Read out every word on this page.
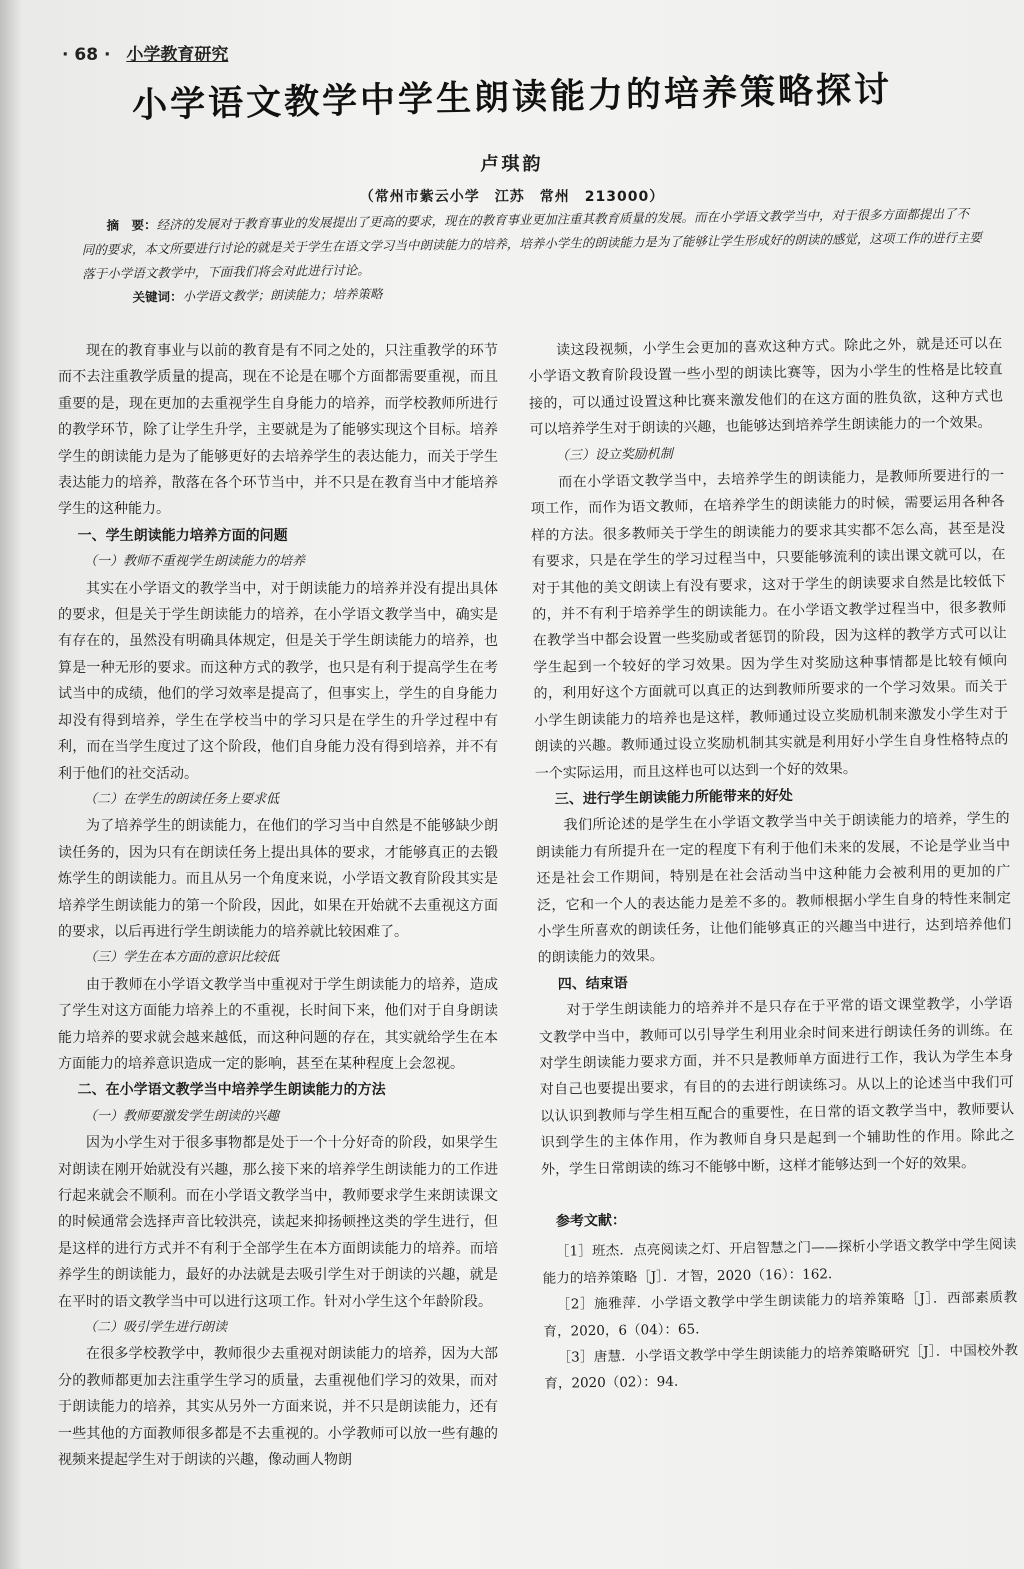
· 68 · 小学教育研究
小学语文教学中学生朗读能力的培养策略探讨
卢琪韵
（常州市紫云小学　江苏　常州　213000）

摘　要：经济的发展对于教育事业的发展提出了更高的要求，现在的教育事业更加注重其教育质量的发展。而在小学语文教学当中，对于很多方面都提出了不同的要求，本文所要进行讨论的就是关于学生在语文学习当中朗读能力的培养，培养小学生的朗读能力是为了能够让学生形成好的朗读的感觉，这项工作的进行主要落于小学语文教学中，下面我们将会对此进行讨论。

关键词：小学语文教学；朗读能力；培养策略

现在的教育事业与以前的教育是有不同之处的，只注重教学的环节而不去注重教学质量的提高，现在不论是在哪个方面都需要重视，而且重要的是，现在更加的去重视学生自身能力的培养，而学校教师所进行的教学环节，除了让学生升学，主要就是为了能够实现这个目标。培养学生的朗读能力是为了能够更好的去培养学生的表达能力，而关于学生表达能力的培养，散落在各个环节当中，并不只是在教育当中才能培养学生的这种能力。

一、学生朗读能力培养方面的问题

（一）教师不重视学生朗读能力的培养

其实在小学语文的教学当中，对于朗读能力的培养并没有提出具体的要求，但是关于学生朗读能力的培养，在小学语文教学当中，确实是有存在的，虽然没有明确具体规定，但是关于学生朗读能力的培养，也算是一种无形的要求。而这种方式的教学，也只是有利于提高学生在考试当中的成绩，他们的学习效率是提高了，但事实上，学生的自身能力却没有得到培养，学生在学校当中的学习只是在学生的升学过程中有利，而在当学生度过了这个阶段，他们自身能力没有得到培养，并不有利于他们的社交活动。

（二）在学生的朗读任务上要求低

为了培养学生的朗读能力，在他们的学习当中自然是不能够缺少朗读任务的，因为只有在朗读任务上提出具体的要求，才能够真正的去锻炼学生的朗读能力。而且从另一个角度来说，小学语文教育阶段其实是培养学生朗读能力的第一个阶段，因此，如果在开始就不去重视这方面的要求，以后再进行学生朗读能力的培养就比较困难了。

（三）学生在本方面的意识比较低

由于教师在小学语文教学当中重视对于学生朗读能力的培养，造成了学生对这方面能力培养上的不重视，长时间下来，他们对于自身朗读能力培养的要求就会越来越低，而这种问题的存在，其实就给学生在本方面能力的培养意识造成一定的影响，甚至在某种程度上会忽视。

二、在小学语文教学当中培养学生朗读能力的方法

（一）教师要激发学生朗读的兴趣

因为小学生对于很多事物都是处于一个十分好奇的阶段，如果学生对朗读在刚开始就没有兴趣，那么接下来的培养学生朗读能力的工作进行起来就会不顺利。而在小学语文教学当中，教师要求学生来朗读课文的时候通常会选择声音比较洪亮，读起来抑扬顿挫这类的学生进行，但是这样的进行方式并不有利于全部学生在本方面朗读能力的培养。而培养学生的朗读能力，最好的办法就是去吸引学生对于朗读的兴趣，就是在平时的语文教学当中可以进行这项工作。针对小学生这个年龄阶段。

（二）吸引学生进行朗读

在很多学校教学中，教师很少去重视对朗读能力的培养，因为大部分的教师都更加去注重学生学习的质量，去重视他们学习的效果，而对于朗读能力的培养，其实从另外一方面来说，并不只是朗读能力，还有一些其他的方面教师很多都是不去重视的。小学教师可以放一些有趣的视频来提起学生对于朗读的兴趣，像动画人物朗

读这段视频，小学生会更加的喜欢这种方式。除此之外，就是还可以在小学语文教育阶段设置一些小型的朗读比赛等，因为小学生的性格是比较直接的，可以通过设置这种比赛来激发他们的在这方面的胜负欲，这种方式也可以培养学生对于朗读的兴趣，也能够达到培养学生朗读能力的一个效果。

（三）设立奖励机制

而在小学语文教学当中，去培养学生的朗读能力，是教师所要进行的一项工作，而作为语文教师，在培养学生的朗读能力的时候，需要运用各种各样的方法。很多教师关于学生的朗读能力的要求其实都不怎么高，甚至是没有要求，只是在学生的学习过程当中，只要能够流利的读出课文就可以，在对于其他的美文朗读上有没有要求，这对于学生的朗读要求自然是比较低下的，并不有利于培养学生的朗读能力。在小学语文教学过程当中，很多教师在教学当中都会设置一些奖励或者惩罚的阶段，因为这样的教学方式可以让学生起到一个较好的学习效果。因为学生对奖励这种事情都是比较有倾向的，利用好这个方面就可以真正的达到教师所要求的一个学习效果。而关于小学生朗读能力的培养也是这样，教师通过设立奖励机制来激发小学生对于朗读的兴趣。教师通过设立奖励机制其实就是利用好小学生自身性格特点的一个实际运用，而且这样也可以达到一个好的效果。

三、进行学生朗读能力所能带来的好处

我们所论述的是学生在小学语文教学当中关于朗读能力的培养，学生的朗读能力有所提升在一定的程度下有利于他们未来的发展，不论是学业当中还是社会工作期间，特别是在社会活动当中这种能力会被利用的更加的广泛，它和一个人的表达能力是差不多的。教师根据小学生自身的特性来制定小学生所喜欢的朗读任务，让他们能够真正的兴趣当中进行，达到培养他们的朗读能力的效果。

四、结束语

对于学生朗读能力的培养并不是只存在于平常的语文课堂教学，小学语文教学中当中，教师可以引导学生利用业余时间来进行朗读任务的训练。在对学生朗读能力要求方面，并不只是教师单方面进行工作，我认为学生本身对自己也要提出要求，有目的的去进行朗读练习。从以上的论述当中我们可以认识到教师与学生相互配合的重要性，在日常的语文教学当中，教师要认识到学生的主体作用，作为教师自身只是起到一个辅助性的作用。除此之外，学生日常朗读的练习不能够中断，这样才能够达到一个好的效果。

参考文献：

［1］班杰．点亮阅读之灯、开启智慧之门——探析小学语文教学中学生阅读能力的培养策略［J］．才智，2020（16）：162．

［2］施雅萍．小学语文教学中学生朗读能力的培养策略［J］．西部素质教育，2020，6（04）：65．

［3］唐慧．小学语文教学中学生朗读能力的培养策略研究［J］．中国校外教育，2020（02）：94．
